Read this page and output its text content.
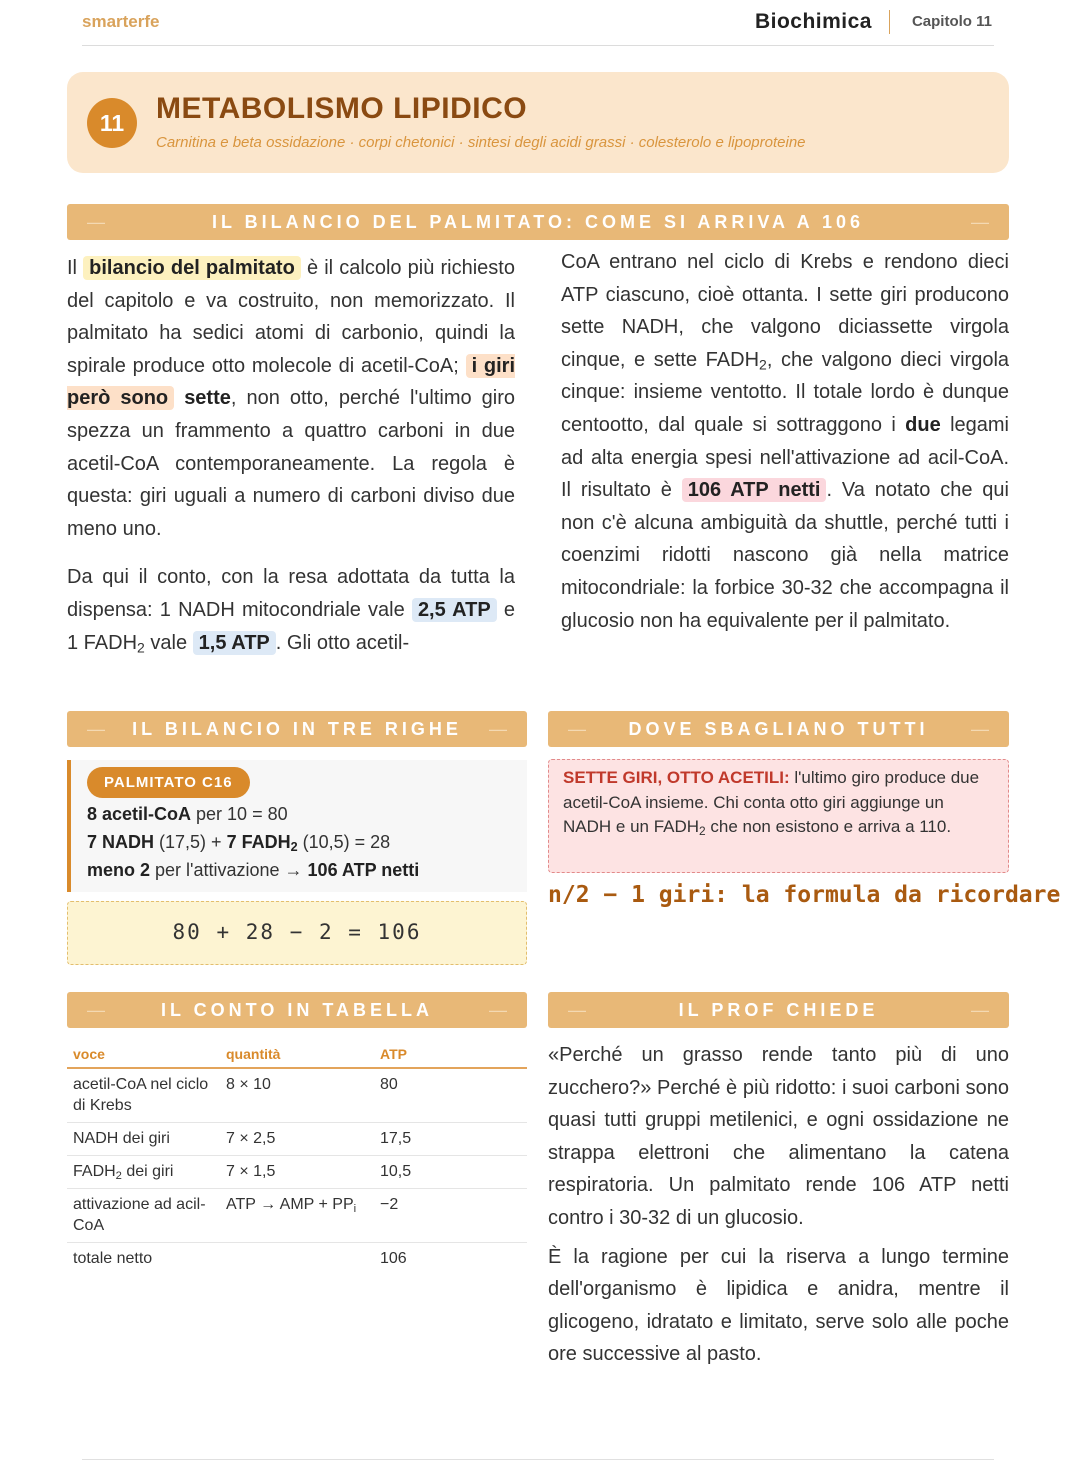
smarterfe	Biochimica	Capitolo 11
11	METABOLISMO LIPIDICO
Carnitina e beta ossidazione · corpi chetonici · sintesi degli acidi grassi · colesterolo e lipoproteine
—	IL BILANCIO DEL PALMITATO: COME SI ARRIVA A 106	—

Il bilancio del palmitato è il calcolo più richiesto del capitolo e va costruito, non memorizzato. Il palmitato ha sedici atomi di carbonio, quindi la spirale produce otto molecole di acetil-CoA; i giri però sono sette, non otto, perché l'ultimo giro spezza un frammento a quattro carboni in due acetil-CoA contemporaneamente. La regola è questa: giri uguali a numero di carboni diviso due meno uno.

Da qui il conto, con la resa adottata da tutta la dispensa: 1 NADH mitocondriale vale 2,5 ATP e 1 $FADH_2$ vale 1,5 ATP . Gli otto acetil-

CoA entrano nel ciclo di Krebs e rendono dieci ATP ciascuno, cioè ottanta. I sette giri producono sette NADH, che valgono diciassette virgola cinque, e sette $FADH_2$, che valgono dieci virgola cinque: insieme ventotto. Il totale lordo è dunque centootto, dal quale si sottraggono i due legami ad alta energia spesi nell'attivazione ad acil-CoA. Il risultato è 106 ATP netti . Va notato che qui non c'è alcuna ambiguità da shuttle, perché tutti i coenzimi ridotti nascono già nella matrice mitocondriale: la forbice 30-32 che accompagna il glucosio non ha equivalente per il palmitato.

— IL BILANCIO IN TRE RIGHE —	— DOVE SBAGLIANO TUTTI —
PALMITATO C16
8 acetil-CoA per 10 = 80
7 NADH (17,5) + 7 $FADH_2$ (10,5) = 28
meno 2 per l'attivazione → 106 ATP netti
80 + 28 − 2 = 106
SETTE GIRI, OTTO ACETILI: l'ultimo giro produce due acetil-CoA insieme. Chi conta otto giri aggiunge un NADH e un $FADH_2$ che non esistono e arriva a 110.
n/2 − 1 giri: la formula da ricordare
—	IL CONTO IN TABELLA	—	—	IL PROF CHIEDE	—
voce	quantità	ATP
acetil-CoA nel ciclo di Krebs	8 × 10	80
NADH dei giri	7 × 2,5	17,5
$FADH_2$ dei giri	7 × 1,5	10,5
attivazione ad acil-CoA	ATP → AMP + $PP_i$	−2
totale netto		106

«Perché un grasso rende tanto più di uno zucchero?» Perché è più ridotto: i suoi carboni sono quasi tutti gruppi metilenici, e ogni ossidazione ne strappa elettroni che alimentano la catena respiratoria. Un palmitato rende 106 ATP netti contro i 30-32 di un glucosio.

È la ragione per cui la riserva a lungo termine dell'organismo è lipidica e anidra, mentre il glicogeno, idratato e limitato, serve solo alle poche ore successive al pasto.
